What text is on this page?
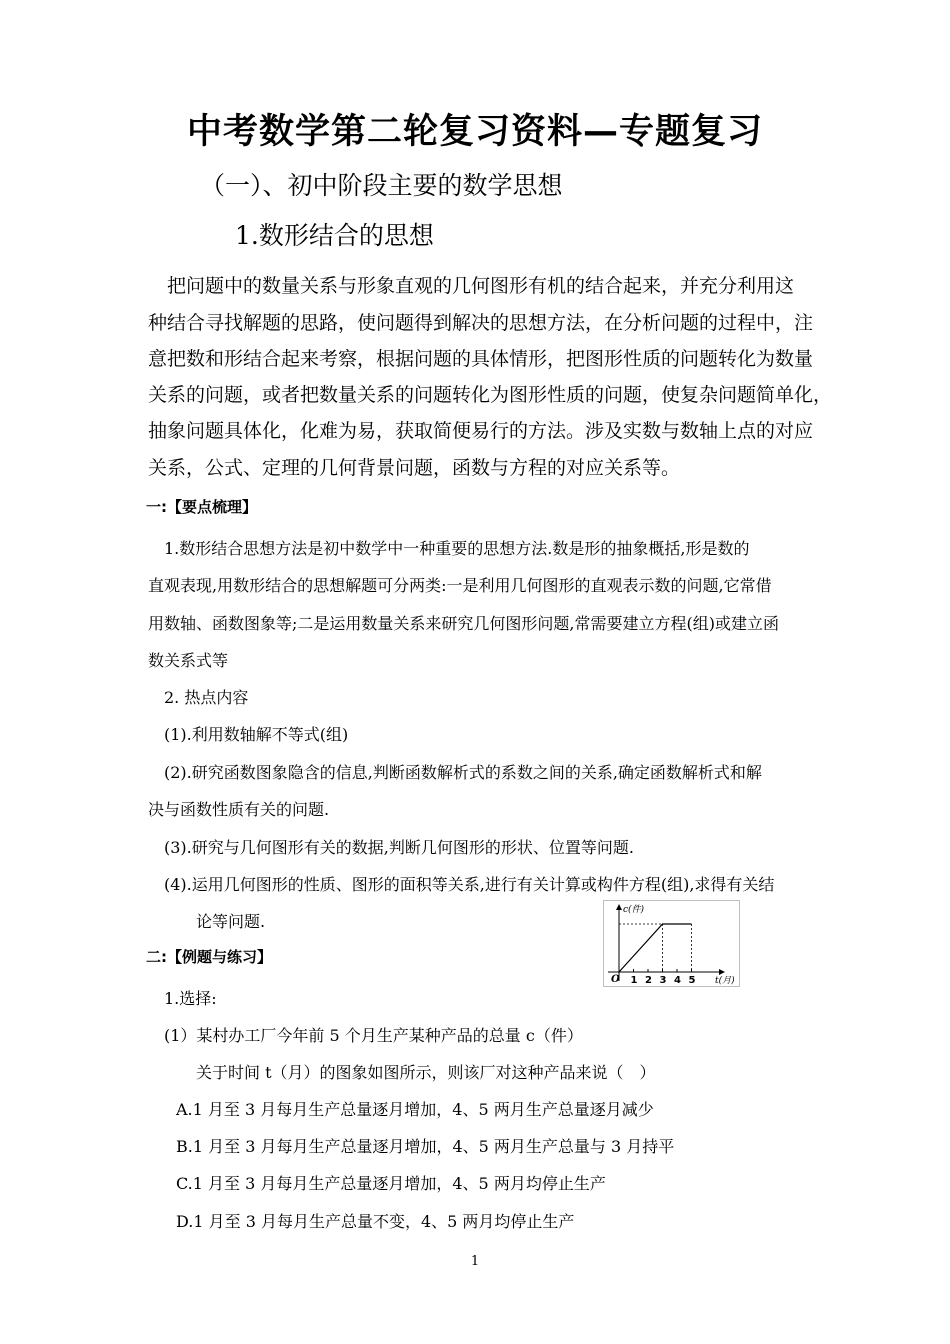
中考数学第二轮复习资料—专题复习
（一）、初中阶段主要的数学思想
1.数形结合的思想
　把问题中的数量关系与形象直观的几何图形有机的结合起来，并充分利用这
种结合寻找解题的思路，使问题得到解决的思想方法，在分析问题的过程中，注
意把数和形结合起来考察，根据问题的具体情形，把图形性质的问题转化为数量
关系的问题，或者把数量关系的问题转化为图形性质的问题，使复杂问题简单化，
抽象问题具体化，化难为易，获取简便易行的方法。涉及实数与数轴上点的对应
关系，公式、定理的几何背景问题，函数与方程的对应关系等。
一:【要点梳理】
　1.数形结合思想方法是初中数学中一种重要的思想方法.数是形的抽象概括,形是数的
直观表现,用数形结合的思想解题可分两类:一是利用几何图形的直观表示数的问题,它常借
用数轴、函数图象等;二是运用数量关系来研究几何图形问题,常需要建立方程(组)或建立函
数关系式等
　2. 热点内容
　(1).利用数轴解不等式(组)
　(2).研究函数图象隐含的信息,判断函数解析式的系数之间的关系,确定函数解析式和解
决与函数性质有关的问题.
　(3).研究与几何图形有关的数据,判断几何图形的形状、位置等问题.
　(4).运用几何图形的性质、图形的面积等关系,进行有关计算或构件方程(组),求得有关结
　　　论等问题.
二:【例题与练习】
　1.选择:
　(1）某村办工厂今年前 5 个月生产某种产品的总量 c（件）
　　　关于时间 t（月）的图象如图所示，则该厂对这种产品来说（　）
A.1 月至 3 月每月生产总量逐月增加，4、5 两月生产总量逐月减少
B.1 月至 3 月每月生产总量逐月增加，4、5 两月生产总量与 3 月持平
C.1 月至 3 月每月生产总量逐月增加，4、5 两月均停止生产
D.1 月至 3 月每月生产总量不变，4、5 两月均停止生产
1 2 3 4 5
c(件)
t(月)
O
1
